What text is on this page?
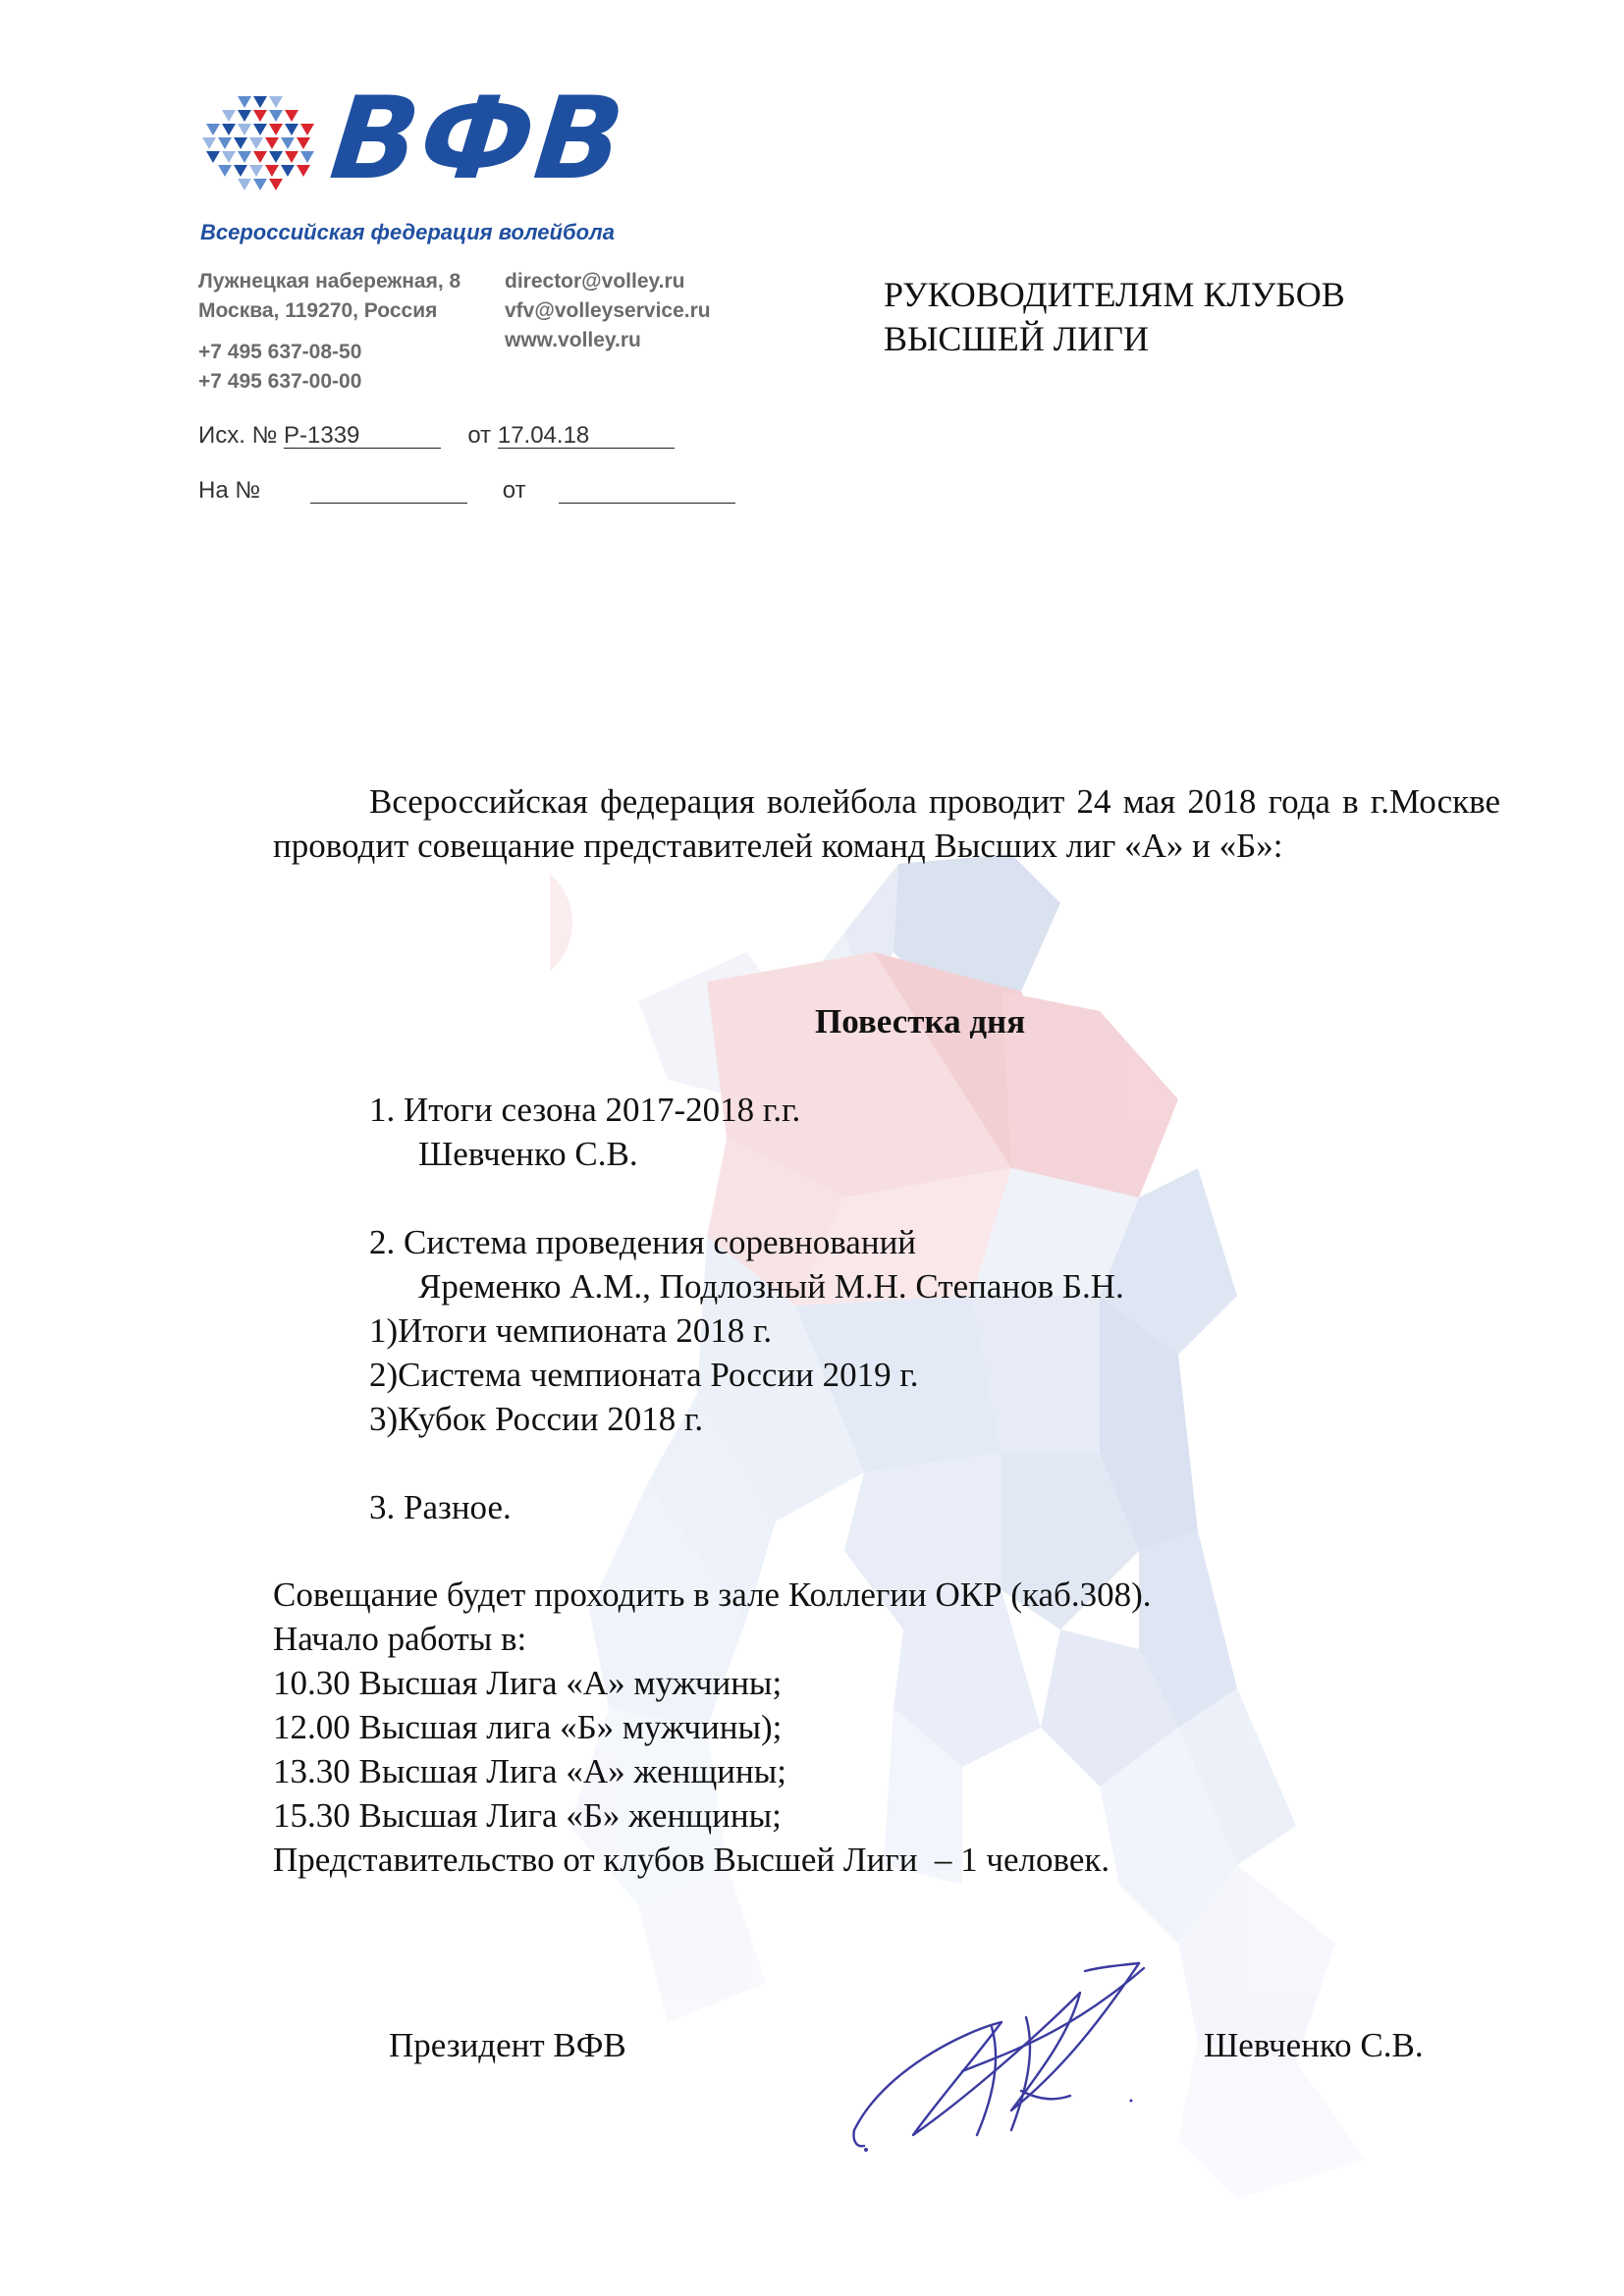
ВФВ
Всероссийская федерация волейбола

Лужнецкая набережная, 8

Москва, 119270, Россия

+7 495 637-08-50

+7 495 637-00-00

director@volley.ru

vfv@volleyservice.ru

www.volley.ru

РУКОВОДИТЕЛЯМ КЛУБОВ
ВЫСШЕЙ ЛИГИ
Исх. № Р-1339	от 17.04.18
На №	от
Всероссийская федерация волейбола проводит 24 мая 2018 года в г.Москве проводит совещание представителей команд Высших лиг «А» и «Б»:
Повестка дня
1. Итоги сезона 2017-2018 г.г.
Шевченко С.В.
2. Система проведения соревнований
Яременко А.М., Подлозный М.Н. Степанов Б.Н.
1)Итоги чемпионата 2018 г.
2)Система чемпионата России 2019 г.
3)Кубок России 2018 г.
3. Разное.
Совещание будет проходить в зале Коллегии ОКР (каб.308).
Начало работы в:
10.30 Высшая Лига «А» мужчины;
12.00 Высшая лига «Б» мужчины);
13.30 Высшая Лига «А» женщины;
15.30 Высшая Лига «Б» женщины;
Представительство от клубов Высшей Лиги  – 1 человек.
Президент ВФВ	Шевченко С.В.
